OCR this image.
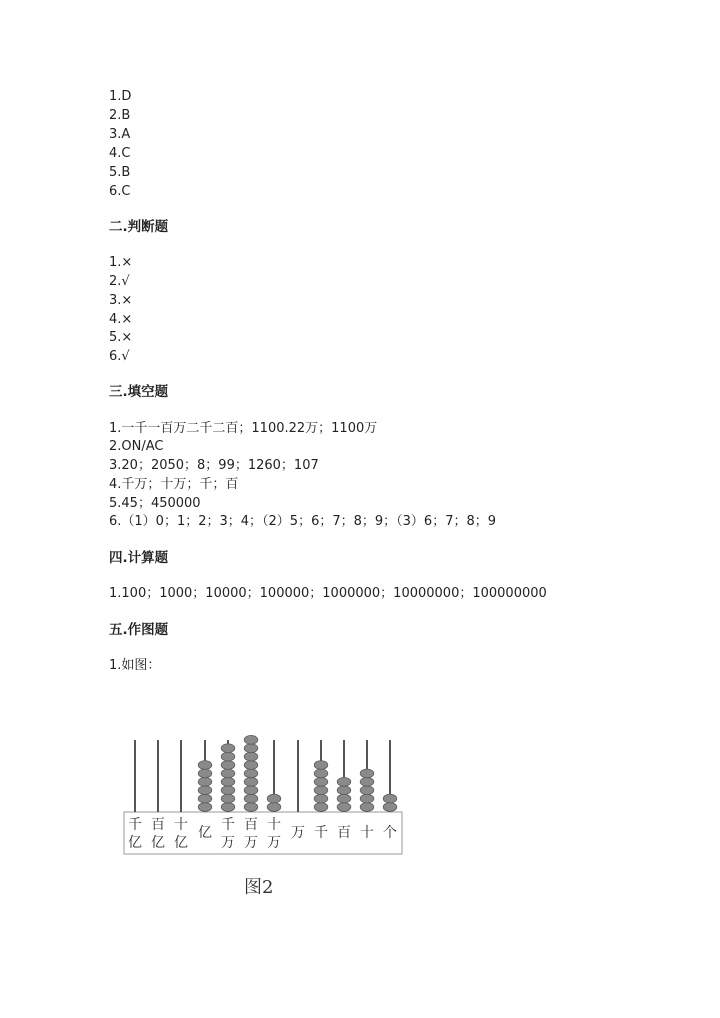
1.D
2.B
3.A
4.C
5.B
6.C
二.判断题
1.×
2.√
3.×
4.×
5.×
6.√
三.填空题
1.一千一百万二千二百；1100.22万；1100万
2.ON/AC
3.20；2050；8；99；1260；107
4.千万；十万；千；百
5.45；450000
6.（1）0；1；2；3；4；（2）5；6；7；8；9；（3）6；7；8；9
四.计算题
1.100；1000；10000；100000；1000000；10000000；100000000
五.作图题
1.如图：
千
亿
百
亿
十
亿
亿 千
万
百
万
十
万
万 千 百 十 个
图2
